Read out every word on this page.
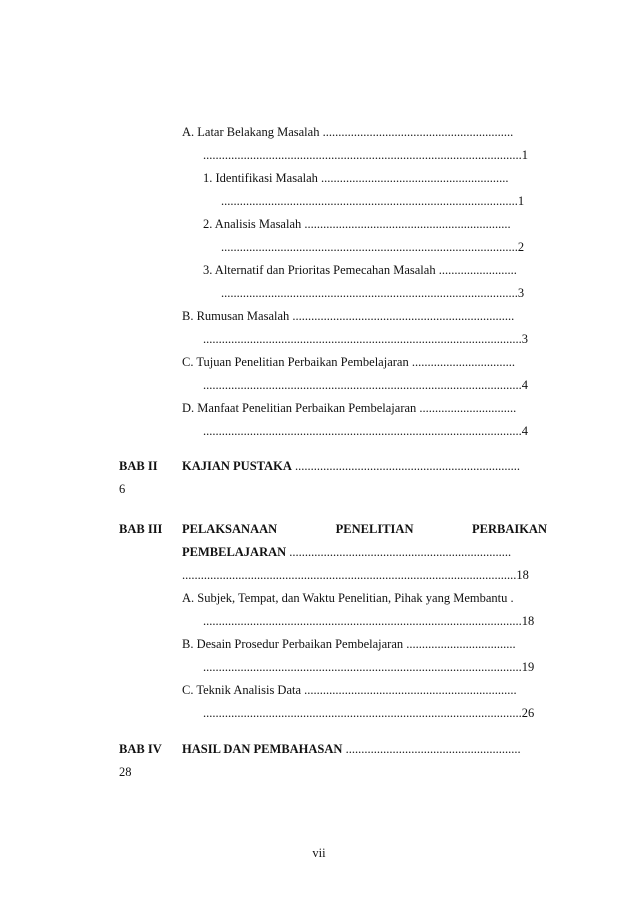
A. Latar Belakang Masalah .............................................................
......................................................................................................1
1. Identifikasi Masalah ............................................................
...............................................................................................1
2. Analisis Masalah ..................................................................
...............................................................................................2
3. Alternatif dan Prioritas Pemecahan Masalah .........................
...............................................................................................3
B. Rumusan Masalah .......................................................................
......................................................................................................3
C. Tujuan Penelitian Perbaikan Pembelajaran .................................
......................................................................................................4
D. Manfaat Penelitian Perbaikan Pembelajaran ...............................
......................................................................................................4
BAB II KAJIAN PUSTAKA ........................................................................
6
BAB III PELAKSANAAN	PENELITIAN	PERBAIKAN
PEMBELAJARAN .......................................................................
...........................................................................................................18
A. Subjek, Tempat, dan Waktu Penelitian, Pihak yang Membantu .
......................................................................................................18
B. Desain Prosedur Perbaikan Pembelajaran ...................................
......................................................................................................19
C. Teknik Analisis Data ....................................................................
......................................................................................................26
BAB IV HASIL DAN PEMBAHASAN ........................................................
28
vii
